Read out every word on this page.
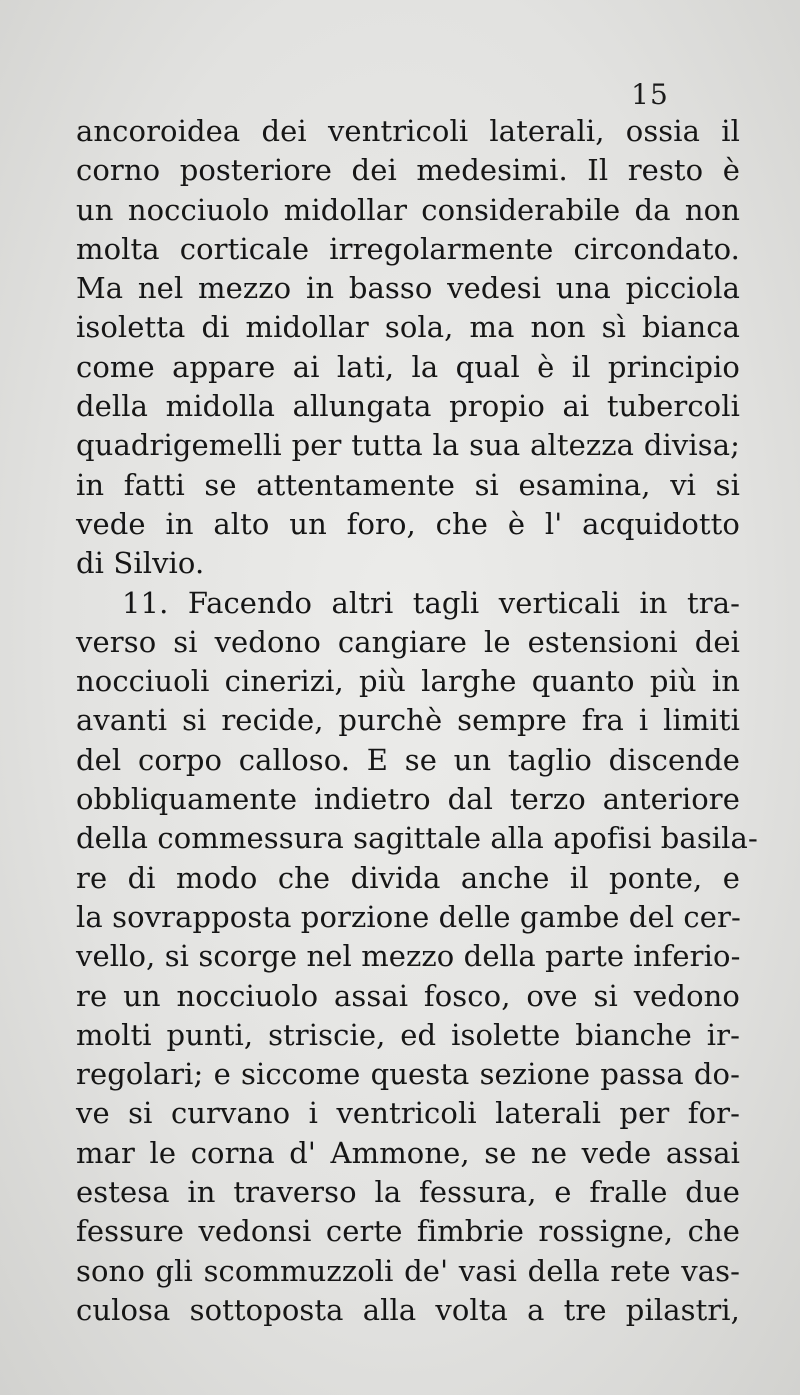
15
ancoroidea dei ventricoli laterali, ossia il
corno posteriore dei medesimi. Il resto è
un nocciuolo midollar considerabile da non
molta corticale irregolarmente circondato.
Ma nel mezzo in basso vedesi una picciola
isoletta di midollar sola, ma non sì bianca
come appare ai lati, la qual è il principio
della midolla allungata propio ai tubercoli
quadrigemelli per tutta la sua altezza divisa;
in fatti se attentamente si esamina, vi si
vede in alto un foro, che è l' acquidotto
di Silvio.
11. Facendo altri tagli verticali in tra-
verso si vedono cangiare le estensioni dei
nocciuoli cinerizi, più larghe quanto più in
avanti si recide, purchè sempre fra i limiti
del corpo calloso. E se un taglio discende
obbliquamente indietro dal terzo anteriore
della commessura sagittale alla apofisi basila-
re di modo che divida anche il ponte, e
la sovrapposta porzione delle gambe del cer-
vello, si scorge nel mezzo della parte inferio-
re un nocciuolo assai fosco, ove si vedono
molti punti, striscie, ed isolette bianche ir-
regolari; e siccome questa sezione passa do-
ve si curvano i ventricoli laterali per for-
mar le corna d' Ammone, se ne vede assai
estesa in traverso la fessura, e fralle due
fessure vedonsi certe fimbrie rossigne, che
sono gli scommuzzoli de' vasi della rete vas-
culosa sottoposta alla volta a tre pilastri,
